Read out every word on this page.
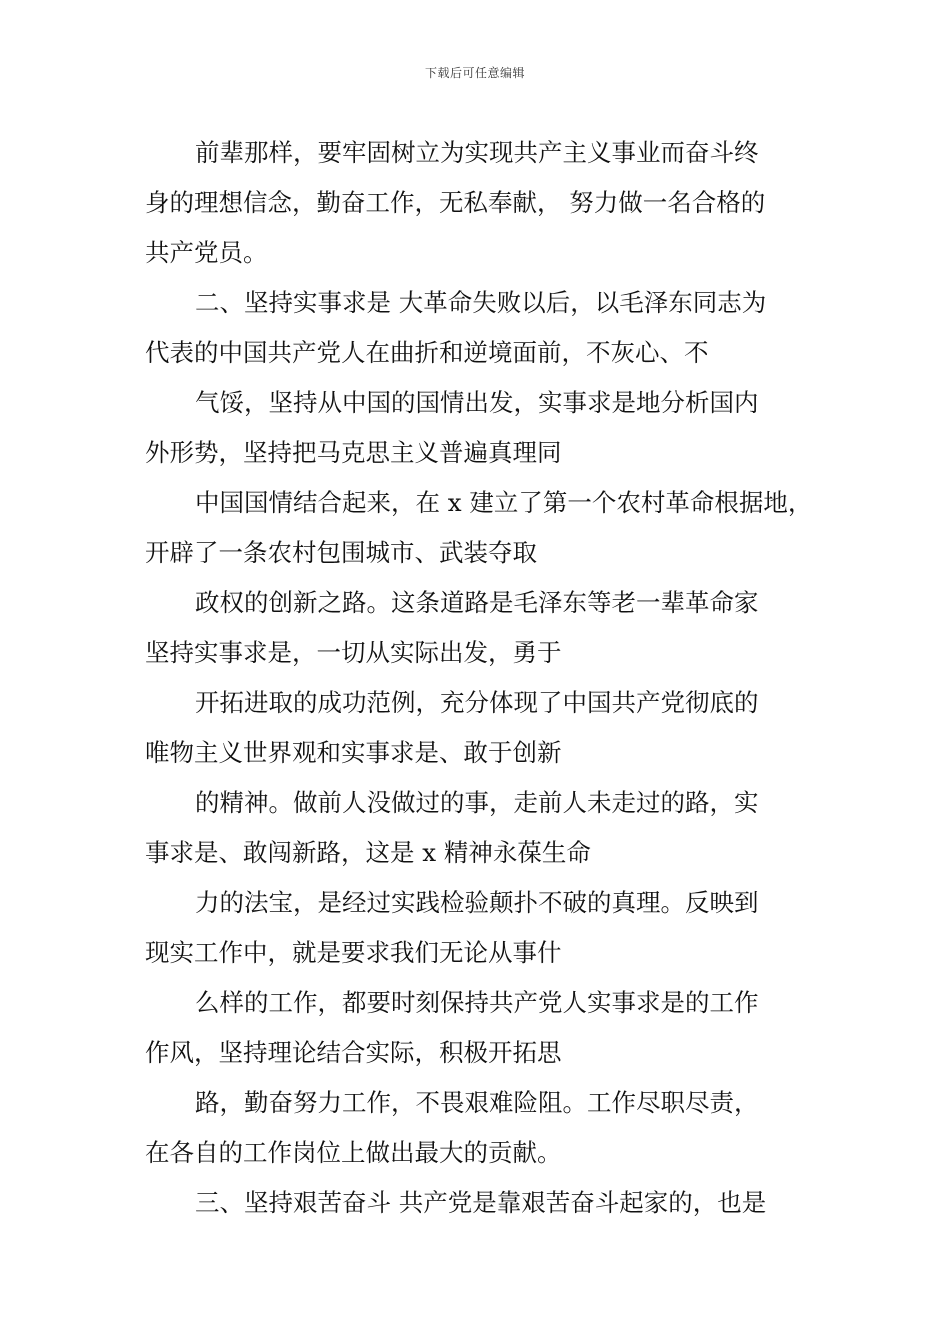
下载后可任意编辑

前辈那样，要牢固树立为实现共产主义事业而奋斗终
身的理想信念，勤奋工作，无私奉献， 努力做一名合格的
共产党员。

二、坚持实事求是 大革命失败以后，以毛泽东同志为
代表的中国共产党人在曲折和逆境面前，不灰心、不

气馁，坚持从中国的国情出发，实事求是地分析国内
外形势，坚持把马克思主义普遍真理同

中国国情结合起来，在 x 建立了第一个农村革命根据地，
开辟了一条农村包围城市、武装夺取

政权的创新之路。这条道路是毛泽东等老一辈革命家
坚持实事求是，一切从实际出发，勇于

开拓进取的成功范例，充分体现了中国共产党彻底的
唯物主义世界观和实事求是、敢于创新

的精神。做前人没做过的事，走前人未走过的路，实
事求是、敢闯新路，这是 x 精神永葆生命

力的法宝，是经过实践检验颠扑不破的真理。反映到
现实工作中，就是要求我们无论从事什

么样的工作，都要时刻保持共产党人实事求是的工作
作风，坚持理论结合实际，积极开拓思

路，勤奋努力工作，不畏艰难险阻。工作尽职尽责，
在各自的工作岗位上做出最大的贡献。

三、坚持艰苦奋斗 共产党是靠艰苦奋斗起家的，也是
